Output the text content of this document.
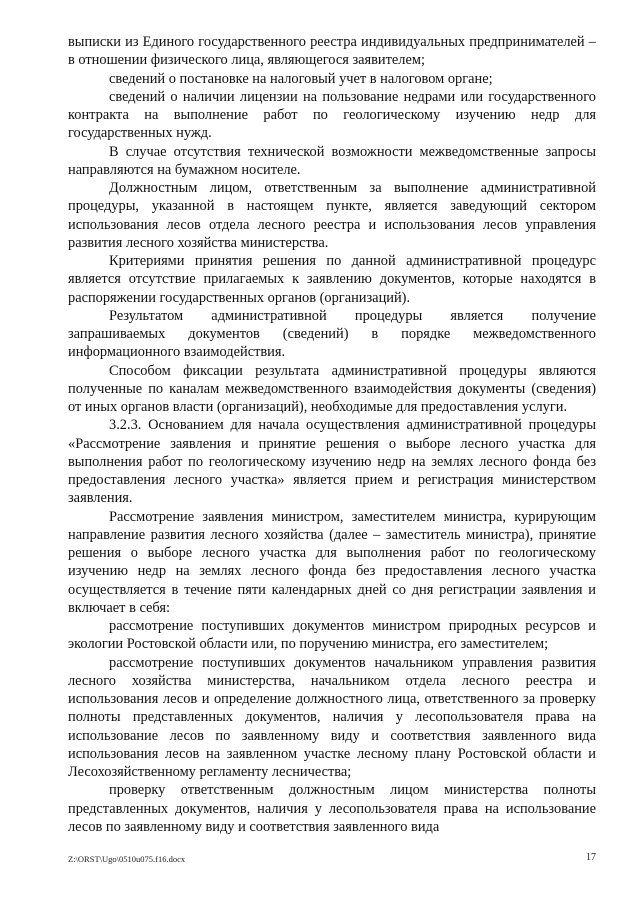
выписки из Единого государственного реестра индивидуальных предпринимателей – в отношении физического лица, являющегося заявителем;

сведений о постановке на налоговый учет в налоговом органе;

сведений о наличии лицензии на пользование недрами или государственного контракта на выполнение работ по геологическому изучению недр для государственных нужд.

В случае отсутствия технической возможности межведомственные запросы направляются на бумажном носителе.

Должностным лицом, ответственным за выполнение административной процедуры, указанной в настоящем пункте, является заведующий сектором использования лесов отдела лесного реестра и использования лесов управления развития лесного хозяйства министерства.

Критериями принятия решения по данной административной процедурс является отсутствие прилагаемых к заявлению документов, которые находятся в распоряжении государственных органов (организаций).

Результатом административной процедуры является получение запрашиваемых документов (сведений) в порядке межведомственного информационного взаимодействия.

Способом фиксации результата административной процедуры являются полученные по каналам межведомственного взаимодействия документы (сведения) от иных органов власти (организаций), необходимые для предоставления услуги.

3.2.3. Основанием для начала осуществления административной процедуры «Рассмотрение заявления и принятие решения о выборе лесного участка для выполнения работ по геологическому изучению недр на землях лесного фонда без предоставления лесного участка» является прием и регистрация министерством заявления.

Рассмотрение заявления министром, заместителем министра, курирующим направление развития лесного хозяйства (далее – заместитель министра), принятие решения о выборе лесного участка для выполнения работ по геологическому изучению недр на землях лесного фонда без предоставления лесного участка осуществляется в течение пяти календарных дней со дня регистрации заявления и включает в себя:

рассмотрение поступивших документов министром природных ресурсов и экологии Ростовской области или, по поручению министра, его заместителем;

рассмотрение поступивших документов начальником управления развития лесного хозяйства министерства, начальником отдела лесного реестра и использования лесов и определение должностного лица, ответственного за проверку полноты представленных документов, наличия у лесопользователя права на использование лесов по заявленному виду и соответствия заявленного вида использования лесов на заявленном участке лесному плану Ростовской области и Лесохозяйственному регламенту лесничества;

проверку ответственным должностным лицом министерства полноты представленных документов, наличия у лесопользователя права на использование лесов по заявленному виду и соответствия заявленного вида

Z:\ORST\Ugo\0510u075.f16.docx	17
